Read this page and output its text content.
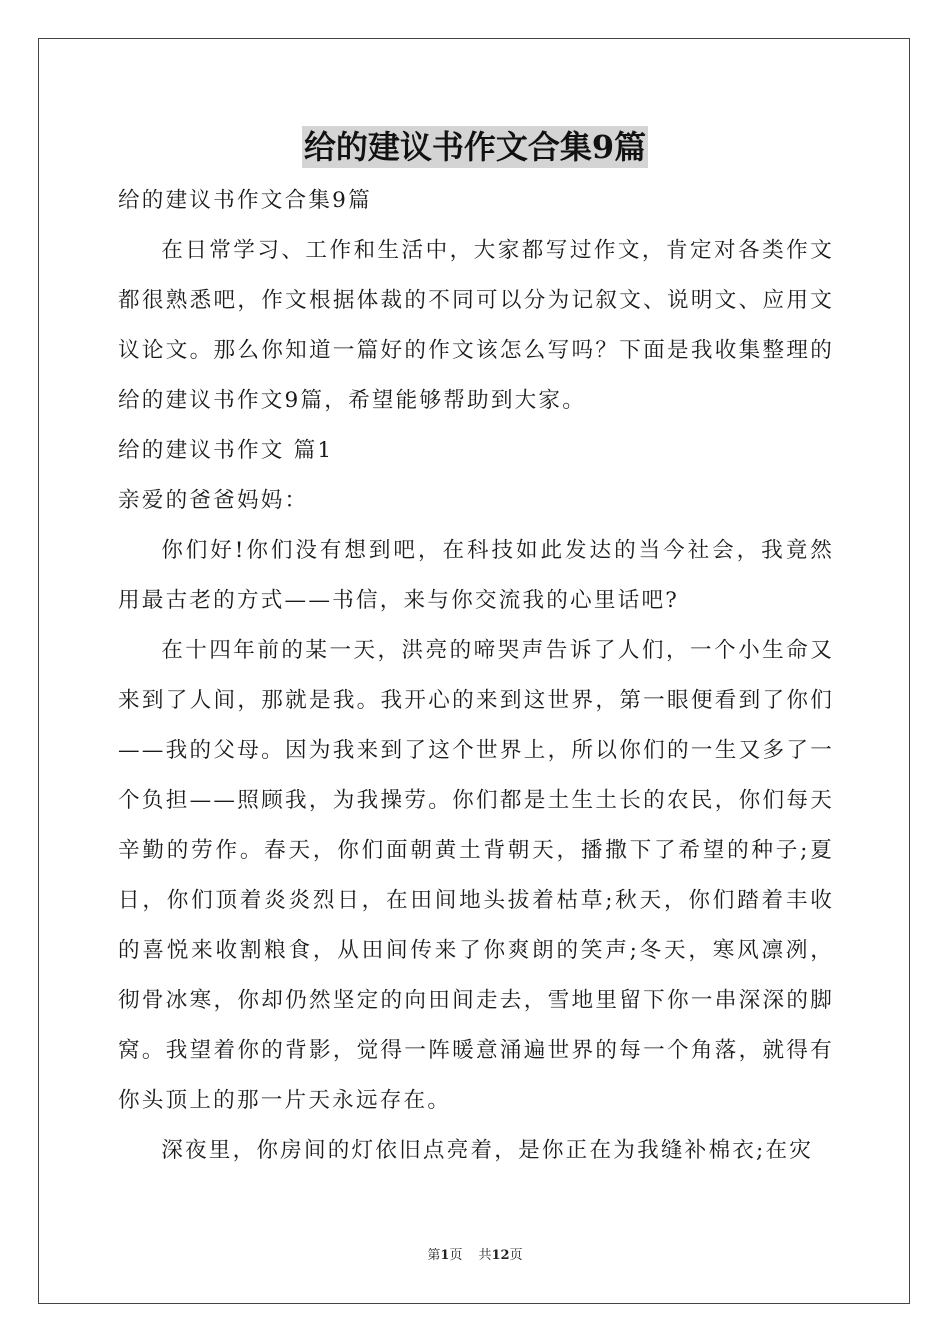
给的建议书作文合集9篇

给的建议书作文合集9篇

在日常学习、工作和生活中，大家都写过作文，肯定对各类作文都很熟悉吧，作文根据体裁的不同可以分为记叙文、说明文、应用文议论文。那么你知道一篇好的作文该怎么写吗？下面是我收集整理的给的建议书作文9篇，希望能够帮助到大家。

给的建议书作文 篇1

亲爱的爸爸妈妈：

你们好!你们没有想到吧，在科技如此发达的当今社会，我竟然用最古老的方式——书信，来与你交流我的心里话吧?

在十四年前的某一天，洪亮的啼哭声告诉了人们，一个小生命又来到了人间，那就是我。我开心的来到这世界，第一眼便看到了你们——我的父母。因为我来到了这个世界上，所以你们的一生又多了一个负担——照顾我，为我操劳。你们都是土生土长的农民，你们每天辛勤的劳作。春天，你们面朝黄土背朝天，播撒下了希望的种子;夏日，你们顶着炎炎烈日，在田间地头拔着枯草;秋天，你们踏着丰收的喜悦来收割粮食，从田间传来了你爽朗的笑声;冬天，寒风凛冽，彻骨冰寒，你却仍然坚定的向田间走去，雪地里留下你一串深深的脚窝。我望着你的背影，觉得一阵暖意涌遍世界的每一个角落，就得有你头顶上的那一片天永远存在。

深夜里，你房间的灯依旧点亮着，是你正在为我缝补棉衣;在灾

第1页 共12页
